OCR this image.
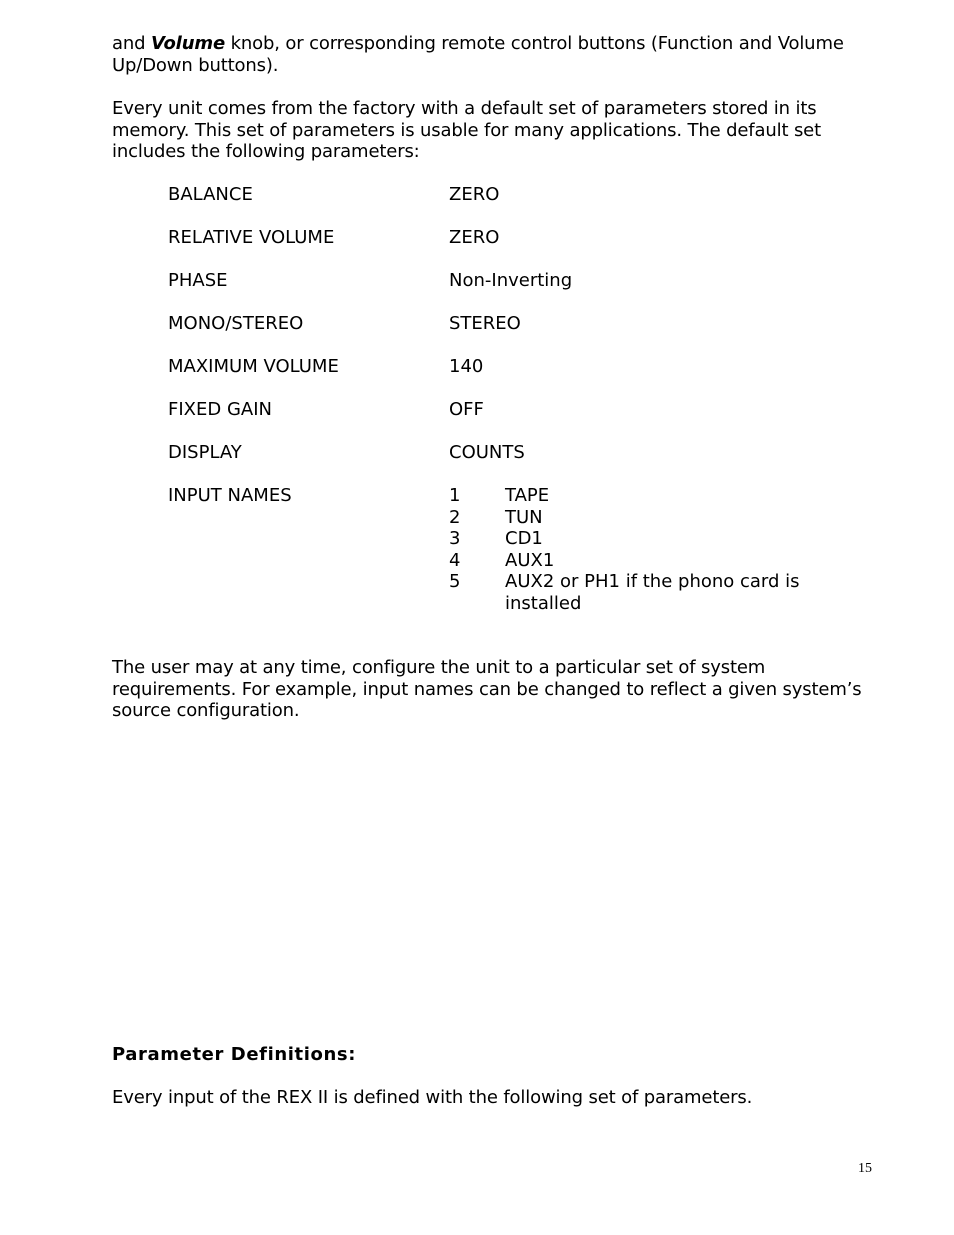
and Volume knob, or corresponding remote control buttons (Function and Volume Up/Down buttons).
Every unit comes from the factory with a default set of parameters stored in its memory. This set of parameters is usable for many applications. The default set includes the following parameters:
BALANCE	ZERO
RELATIVE VOLUME	ZERO
PHASE	Non-Inverting
MONO/STEREO	STEREO
MAXIMUM VOLUME	140
FIXED GAIN	OFF
DISPLAY	COUNTS
INPUT NAMES	1 TAPE
2 TUN
3 CD1
4 AUX1
5 AUX2 or PH1 if the phono card is installed
The user may at any time, configure the unit to a particular set of system requirements. For example, input names can be changed to reflect a given system’s source configuration.
Parameter Definitions:
Every input of the REX II is defined with the following set of parameters.
15
